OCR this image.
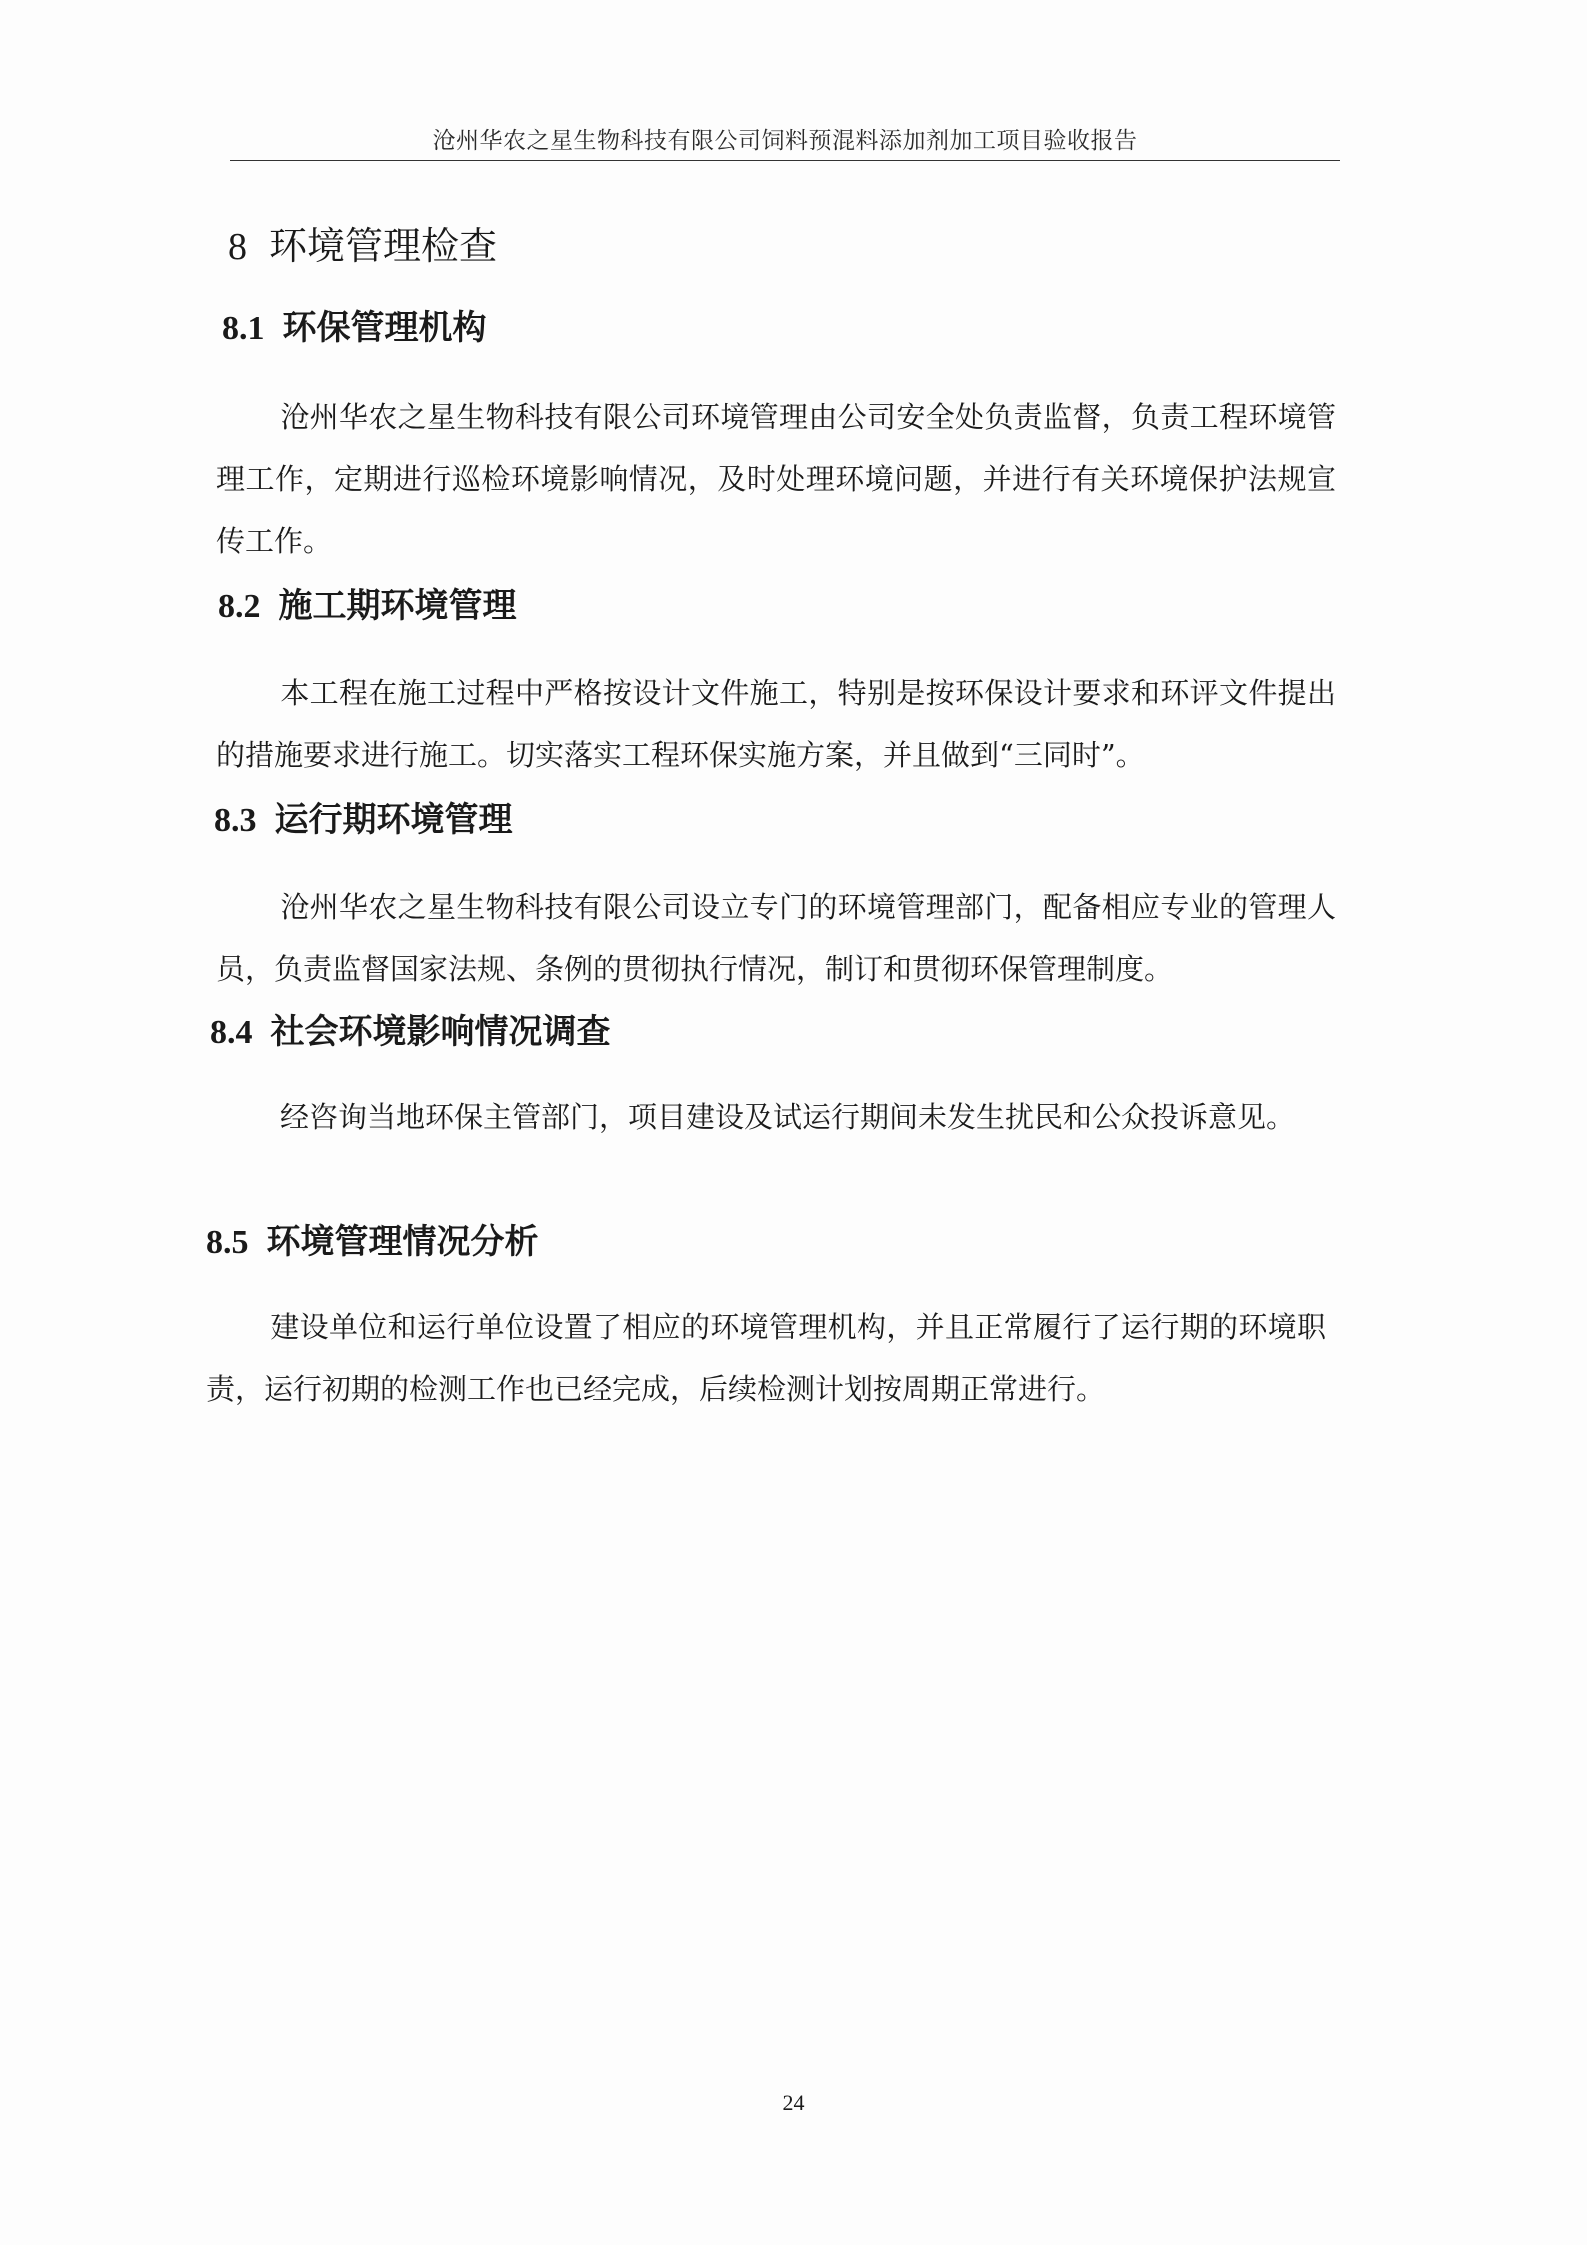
沧州华农之星生物科技有限公司饲料预混料添加剂加工项目验收报告
8 环境管理检查
8.1 环保管理机构
沧州华农之星生物科技有限公司环境管理由公司安全处负责监督，负责工程环境管理工作，定期进行巡检环境影响情况，及时处理环境问题，并进行有关环境保护法规宣传工作。
8.2 施工期环境管理
本工程在施工过程中严格按设计文件施工，特别是按环保设计要求和环评文件提出的措施要求进行施工。切实落实工程环保实施方案，并且做到“三同时”。
8.3 运行期环境管理
沧州华农之星生物科技有限公司设立专门的环境管理部门，配备相应专业的管理人员，负责监督国家法规、条例的贯彻执行情况，制订和贯彻环保管理制度。
8.4 社会环境影响情况调查
经咨询当地环保主管部门，项目建设及试运行期间未发生扰民和公众投诉意见。
8.5 环境管理情况分析
建设单位和运行单位设置了相应的环境管理机构，并且正常履行了运行期的环境职责，运行初期的检测工作也已经完成，后续检测计划按周期正常进行。
24
